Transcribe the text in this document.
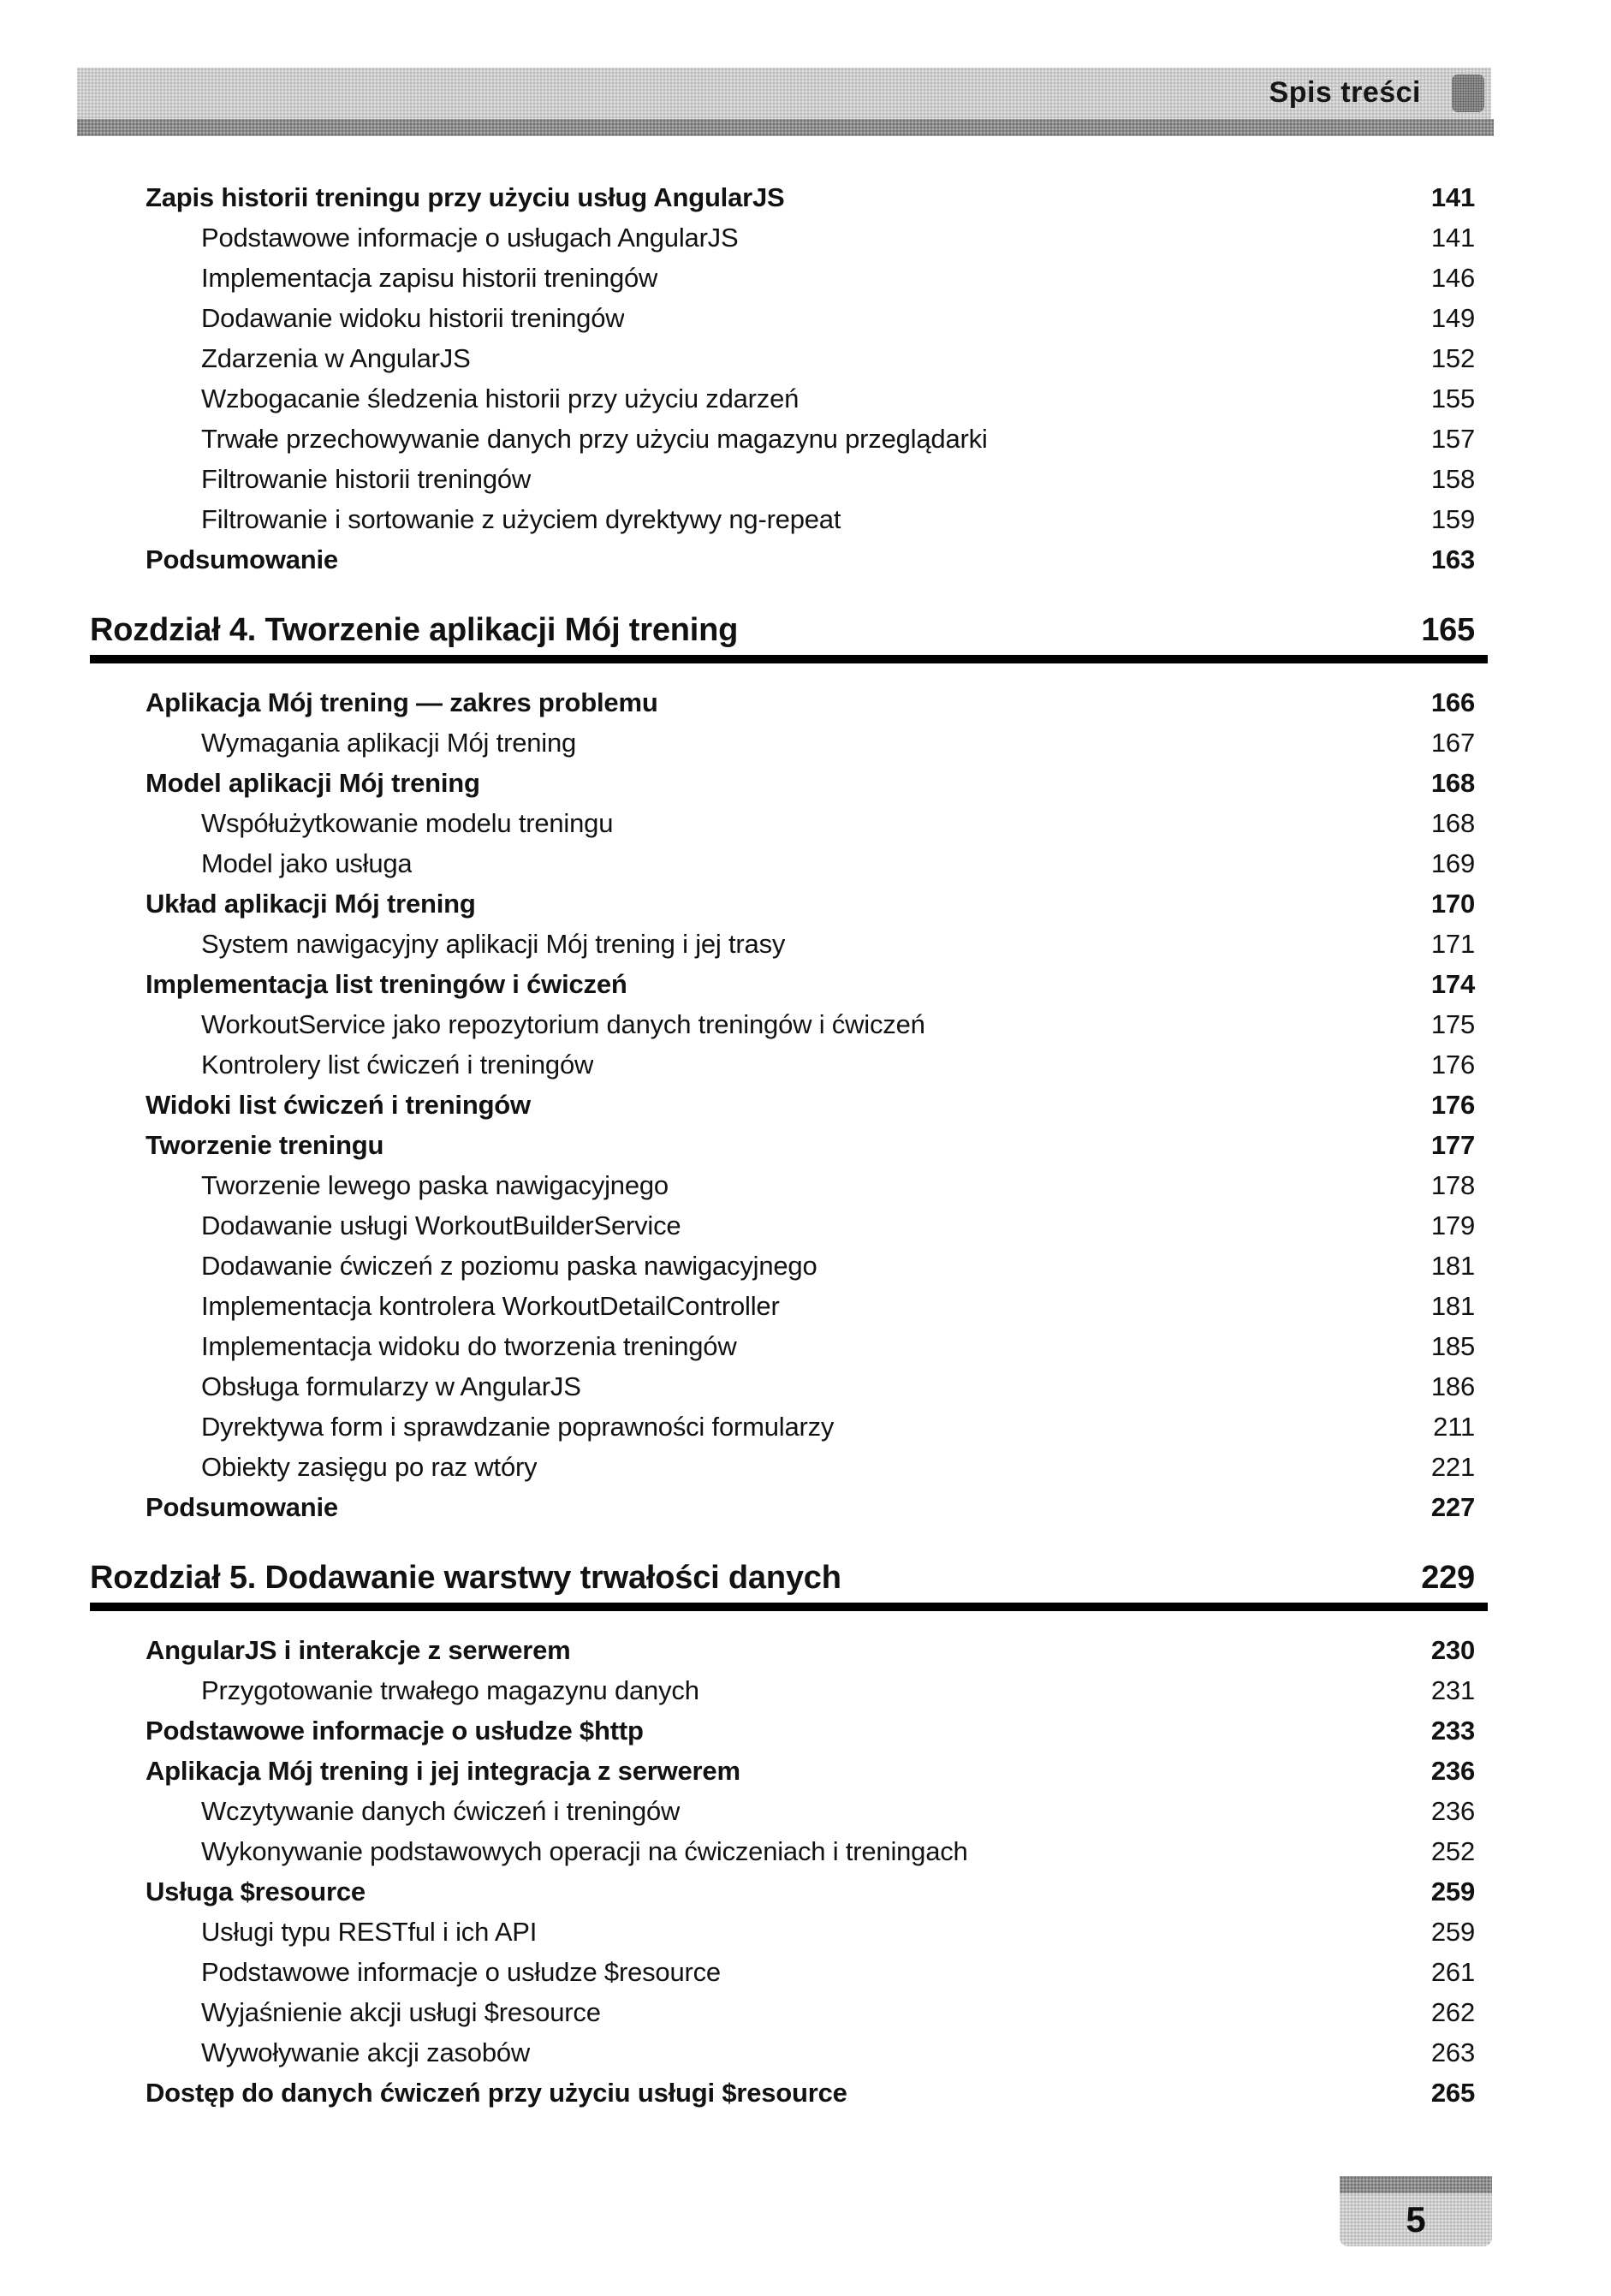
Spis treści
Zapis historii treningu przy użyciu usług AngularJS	141
Podstawowe informacje o usługach AngularJS	141
Implementacja zapisu historii treningów	146
Dodawanie widoku historii treningów	149
Zdarzenia w AngularJS	152
Wzbogacanie śledzenia historii przy użyciu zdarzeń	155
Trwałe przechowywanie danych przy użyciu magazynu przeglądarki	157
Filtrowanie historii treningów	158
Filtrowanie i sortowanie z użyciem dyrektywy ng-repeat	159
Podsumowanie	163
Rozdział 4. Tworzenie aplikacji Mój trening	165
Aplikacja Mój trening — zakres problemu	166
Wymagania aplikacji Mój trening	167
Model aplikacji Mój trening	168
Współużytkowanie modelu treningu	168
Model jako usługa	169
Układ aplikacji Mój trening	170
System nawigacyjny aplikacji Mój trening i jej trasy	171
Implementacja list treningów i ćwiczeń	174
WorkoutService jako repozytorium danych treningów i ćwiczeń	175
Kontrolery list ćwiczeń i treningów	176
Widoki list ćwiczeń i treningów	176
Tworzenie treningu	177
Tworzenie lewego paska nawigacyjnego	178
Dodawanie usługi WorkoutBuilderService	179
Dodawanie ćwiczeń z poziomu paska nawigacyjnego	181
Implementacja kontrolera WorkoutDetailController	181
Implementacja widoku do tworzenia treningów	185
Obsługa formularzy w AngularJS	186
Dyrektywa form i sprawdzanie poprawności formularzy	211
Obiekty zasięgu po raz wtóry	221
Podsumowanie	227
Rozdział 5. Dodawanie warstwy trwałości danych	229
AngularJS i interakcje z serwerem	230
Przygotowanie trwałego magazynu danych	231
Podstawowe informacje o usłudze $http	233
Aplikacja Mój trening i jej integracja z serwerem	236
Wczytywanie danych ćwiczeń i treningów	236
Wykonywanie podstawowych operacji na ćwiczeniach i treningach	252
Usługa $resource	259
Usługi typu RESTful i ich API	259
Podstawowe informacje o usłudze $resource	261
Wyjaśnienie akcji usługi $resource	262
Wywoływanie akcji zasobów	263
Dostęp do danych ćwiczeń przy użyciu usługi $resource	265
5
